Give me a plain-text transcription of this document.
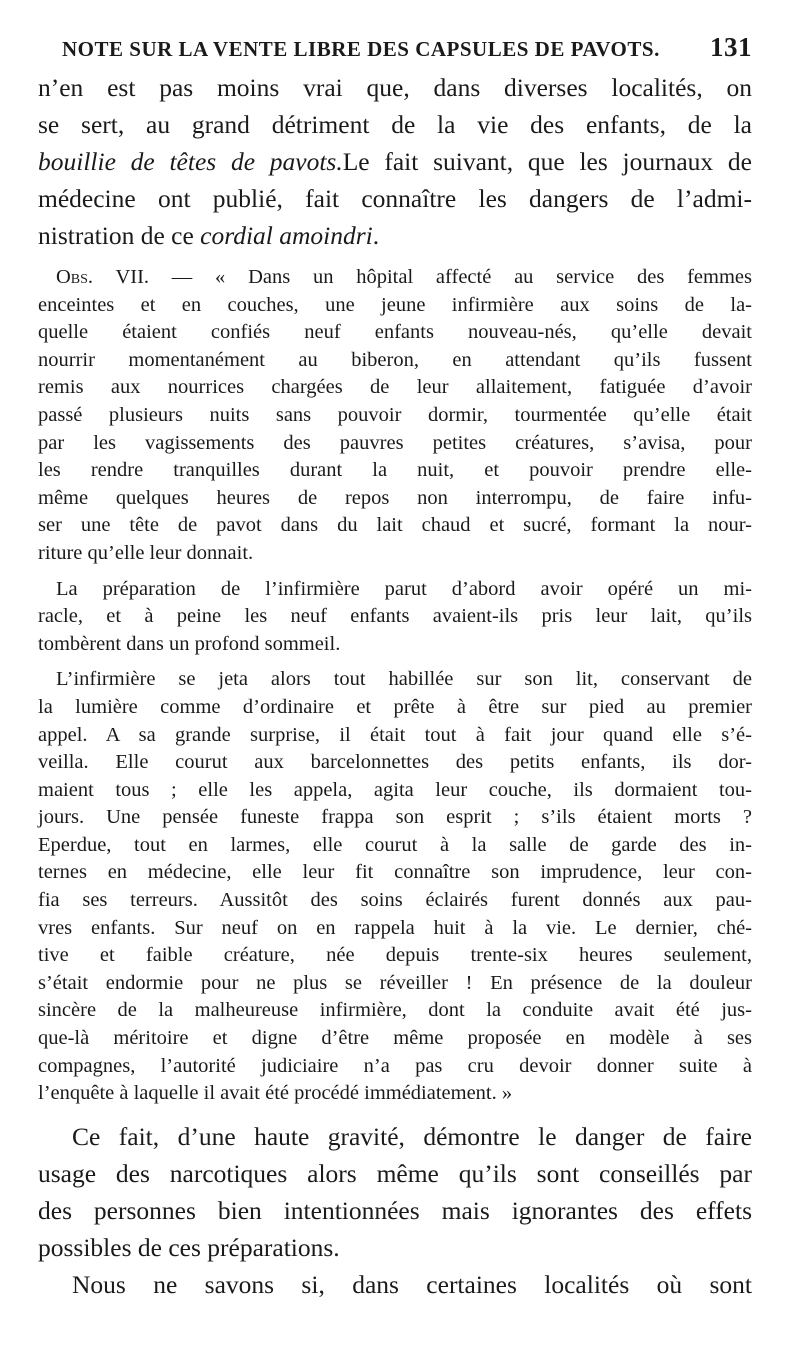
NOTE SUR LA VENTE LIBRE DES CAPSULES DE PAVOTS. 131
n’en est pas moins vrai que, dans diverses localités, on
se sert, au grand détriment de la vie des enfants, de la
bouillie de têtes de pavots.Le fait suivant, que les journaux de
médecine ont publié, fait connaître les dangers de l’admi-
nistration de ce cordial amoindri.
Obs. VII. — « Dans un hôpital affecté au service des femmes
enceintes et en couches, une jeune infirmière aux soins de la-
quelle étaient confiés neuf enfants nouveau-nés, qu’elle devait
nourrir momentanément au biberon, en attendant qu’ils fussent
remis aux nourrices chargées de leur allaitement, fatiguée d’avoir
passé plusieurs nuits sans pouvoir dormir, tourmentée qu’elle était
par les vagissements des pauvres petites créatures, s’avisa, pour
les rendre tranquilles durant la nuit, et pouvoir prendre elle-
même quelques heures de repos non interrompu, de faire infu-
ser une tête de pavot dans du lait chaud et sucré, formant la nour-
riture qu’elle leur donnait.
La préparation de l’infirmière parut d’abord avoir opéré un mi-
racle, et à peine les neuf enfants avaient-ils pris leur lait, qu’ils
tombèrent dans un profond sommeil.
L’infirmière se jeta alors tout habillée sur son lit, conservant de
la lumière comme d’ordinaire et prête à être sur pied au premier
appel. A sa grande surprise, il était tout à fait jour quand elle s’é-
veilla. Elle courut aux barcelonnettes des petits enfants, ils dor-
maient tous ; elle les appela, agita leur couche, ils dormaient tou-
jours. Une pensée funeste frappa son esprit ; s’ils étaient morts ?
Eperdue, tout en larmes, elle courut à la salle de garde des in-
ternes en médecine, elle leur fit connaître son imprudence, leur con-
fia ses terreurs. Aussitôt des soins éclairés furent donnés aux pau-
vres enfants. Sur neuf on en rappela huit à la vie. Le dernier, ché-
tive et faible créature, née depuis trente-six heures seulement,
s’était endormie pour ne plus se réveiller ! En présence de la douleur
sincère de la malheureuse infirmière, dont la conduite avait été jus-
que-là méritoire et digne d’être même proposée en modèle à ses
compagnes, l’autorité judiciaire n’a pas cru devoir donner suite à
l’enquête à laquelle il avait été procédé immédiatement. »
Ce fait, d’une haute gravité, démontre le danger de faire
usage des narcotiques alors même qu’ils sont conseillés par
des personnes bien intentionnées mais ignorantes des effets
possibles de ces préparations.
Nous ne savons si, dans certaines localités où sont
